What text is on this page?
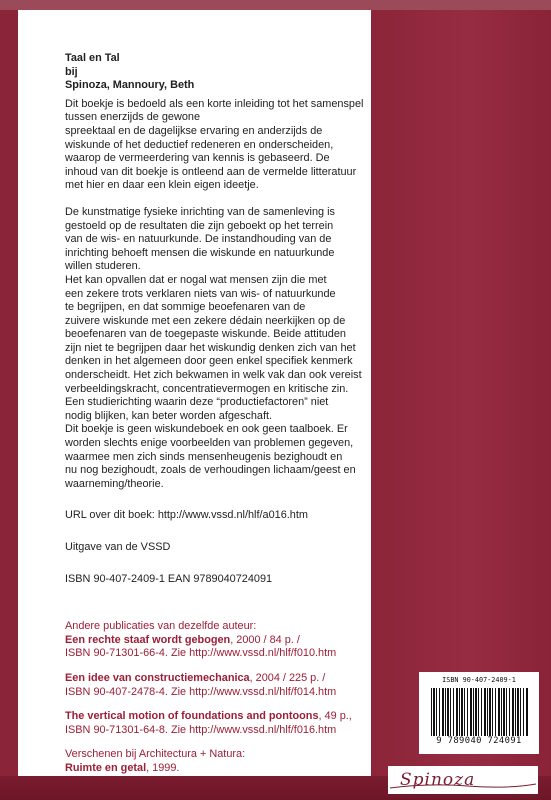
Taal en Tal
bij
Spinoza, Mannoury, Beth

Dit boekje is bedoeld als een korte inleiding tot het samenspel
tussen enerzijds de gewone
spreektaal en de dagelijkse ervaring en anderzijds de
wiskunde of het deductief redeneren en onderscheiden,
waarop de vermeerdering van kennis is gebaseerd. De
inhoud van dit boekje is ontleend aan de vermelde litteratuur
met hier en daar een klein eigen ideetje.

De kunstmatige fysieke inrichting van de samenleving is
gestoeld op de resultaten die zijn geboekt op het terrein
van de wis- en natuurkunde. De instandhouding van de
inrichting behoeft mensen die wiskunde en natuurkunde
willen studeren.
Het kan opvallen dat er nogal wat mensen zijn die met
een zekere trots verklaren niets van wis- of natuurkunde
te begrijpen, en dat sommige beoefenaren van de
zuivere wiskunde met een zekere dédain neerkijken op de
beoefenaren van de toegepaste wiskunde. Beide attituden
zijn niet te begrijpen daar het wiskundig denken zich van het
denken in het algemeen door geen enkel specifiek kenmerk
onderscheidt. Het zich bekwamen in welk vak dan ook vereist
verbeeldingskracht, concentratievermogen en kritische zin.
Een studierichting waarin deze “productiefactoren” niet
nodig blijken, kan beter worden afgeschaft.
Dit boekje is geen wiskundeboek en ook geen taalboek. Er
worden slechts enige voorbeelden van problemen gegeven,
waarmee men zich sinds mensenheugenis bezighoudt en
nu nog bezighoudt, zoals de verhoudingen lichaam/geest en
waarneming/theorie.

URL over dit boek: http://www.vssd.nl/hlf/a016.htm

Uitgave van de VSSD

ISBN 90-407-2409-1 EAN 9789040724091

Andere publicaties van dezelfde auteur:

Een rechte staaf wordt gebogen, 2000 / 84 p. /
ISBN 90-71301-66-4. Zie http://www.vssd.nl/hlf/f010.htm

Een idee van constructiemechanica, 2004 / 225 p. /
ISBN 90-407-2478-4. Zie http://www.vssd.nl/hlf/f014.htm

The vertical motion of foundations and pontoons, 49 p.,
ISBN 90-71301-64-8. Zie http://www.vssd.nl/hlf/f016.htm

Verschenen bij Architectura + Natura:
Ruimte en getal, 1999.

ISBN 90-407-2409-1
9 789040 724091
Spinoza
